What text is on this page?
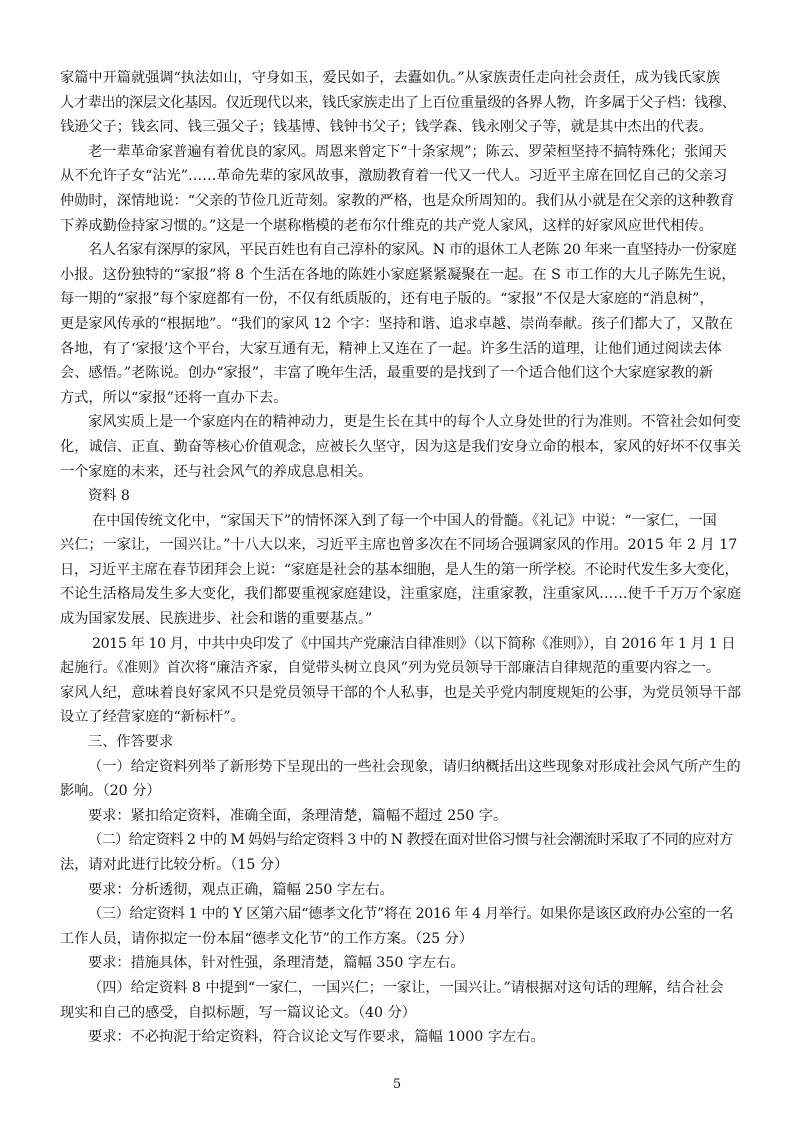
家篇中开篇就强调“执法如山，守身如玉，爱民如子，去蠹如仇。”从家族责任走向社会责任，成为钱氏家族
人才辈出的深层文化基因。仅近现代以来，钱氏家族走出了上百位重量级的各界人物，许多属于父子档：钱穆、
钱逊父子；钱玄同、钱三强父子；钱基博、钱钟书父子；钱学森、钱永刚父子等，就是其中杰出的代表。
老一辈革命家普遍有着优良的家风。周恩来曾定下“十条家规”；陈云、罗荣桓坚持不搞特殊化；张闻天
从不允许子女“沾光”……革命先辈的家风故事，激励教育着一代又一代人。习近平主席在回忆自己的父亲习
仲勋时，深情地说：“父亲的节俭几近苛刻。家教的严格，也是众所周知的。我们从小就是在父亲的这种教育
下养成勤俭持家习惯的。”这是一个堪称楷模的老布尔什维克的共产党人家风，这样的好家风应世代相传。
名人名家有深厚的家风，平民百姓也有自己淳朴的家风。N 市的退休工人老陈 20 年来一直坚持办一份家庭
小报。这份独特的“家报”将 8 个生活在各地的陈姓小家庭紧紧凝聚在一起。在 S 市工作的大儿子陈先生说，
每一期的“家报”每个家庭都有一份，不仅有纸质版的，还有电子版的。“家报”不仅是大家庭的“消息树”，
更是家风传承的“根据地”。“我们的家风 12 个字：坚持和谐、追求卓越、崇尚奉献。孩子们都大了，又散在
各地，有了‘家报’这个平台，大家互通有无，精神上又连在了一起。许多生活的道理，让他们通过阅读去体
会、感悟。”老陈说。创办“家报”，丰富了晚年生活，最重要的是找到了一个适合他们这个大家庭家教的新
方式，所以“家报”还将一直办下去。
家风实质上是一个家庭内在的精神动力，更是生长在其中的每个人立身处世的行为准则。不管社会如何变
化，诚信、正直、勤奋等核心价值观念，应被长久坚守，因为这是我们安身立命的根本，家风的好坏不仅事关
一个家庭的未来，还与社会风气的养成息息相关。
资料 8
在中国传统文化中，“家国天下”的情怀深入到了每一个中国人的骨髓。《礼记》中说：“一家仁，一国
兴仁；一家让，一国兴让。”十八大以来，习近平主席也曾多次在不同场合强调家风的作用。2015 年 2 月 17
日，习近平主席在春节团拜会上说：“家庭是社会的基本细胞，是人生的第一所学校。不论时代发生多大变化，
不论生活格局发生多大变化，我们都要重视家庭建设，注重家庭，注重家教，注重家风……使千千万万个家庭
成为国家发展、民族进步、社会和谐的重要基点。”
2015 年 10 月，中共中央印发了《中国共产党廉洁自律准则》（以下简称《准则》），自 2016 年 1 月 1 日
起施行。《准则》首次将“廉洁齐家，自觉带头树立良风”列为党员领导干部廉洁自律规范的重要内容之一。
家风人纪，意味着良好家风不只是党员领导干部的个人私事，也是关乎党内制度规矩的公事，为党员领导干部
设立了经营家庭的“新标杆”。
三、作答要求
（一）给定资料列举了新形势下呈现出的一些社会现象，请归纳概括出这些现象对形成社会风气所产生的
影响。（20 分）
要求：紧扣给定资料，准确全面，条理清楚，篇幅不超过 250 字。
（二）给定资料 2 中的 M 妈妈与给定资料 3 中的 N 教授在面对世俗习惯与社会潮流时采取了不同的应对方
法，请对此进行比较分析。（15 分）
要求：分析透彻，观点正确，篇幅 250 字左右。
（三）给定资料 1 中的 Y 区第六届“德孝文化节”将在 2016 年 4 月举行。如果你是该区政府办公室的一名
工作人员，请你拟定一份本届“德孝文化节”的工作方案。（25 分）
要求：措施具体，针对性强，条理清楚，篇幅 350 字左右。
（四）给定资料 8 中提到“一家仁，一国兴仁；一家让，一国兴让。”请根据对这句话的理解，结合社会
现实和自己的感受，自拟标题，写一篇议论文。（40 分）
要求：不必拘泥于给定资料，符合议论文写作要求，篇幅 1000 字左右。
5
